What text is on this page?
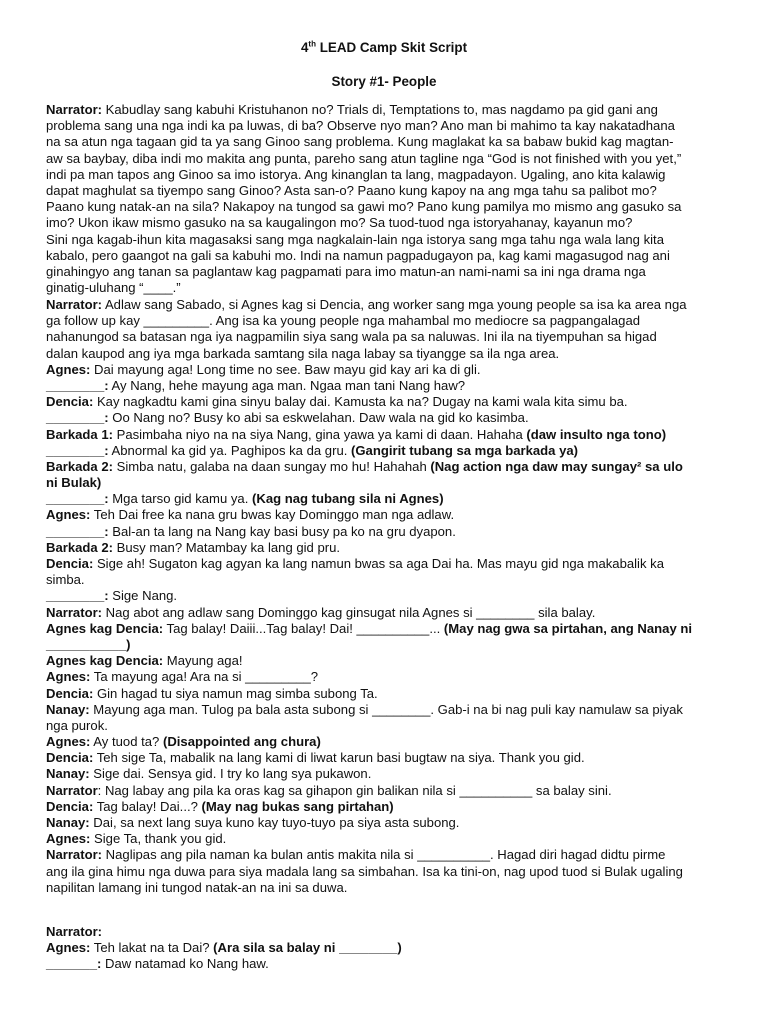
4th LEAD Camp Skit Script
Story #1- People
Narrator: Kabudlay sang kabuhi Kristuhanon no? Trials di, Temptations to, mas nagdamo pa gid gani ang
problema sang una nga indi ka pa luwas, di ba? Observe nyo man? Ano man bi mahimo ta kay nakatadhana
na sa atun nga tagaan gid ta ya sang Ginoo sang problema. Kung maglakat ka sa babaw bukid kag magtan-
aw sa baybay, diba indi mo makita ang punta, pareho sang atun tagline nga “God is not finished with you yet,”
indi pa man tapos ang Ginoo sa imo istorya. Ang kinanglan ta lang, magpadayon. Ugaling, ano kita kalawig
dapat maghulat sa tiyempo sang Ginoo? Asta san-o? Paano kung kapoy na ang mga tahu sa palibot mo?
Paano kung natak-an na sila? Nakapoy na tungod sa gawi mo? Pano kung pamilya mo mismo ang gasuko sa
imo? Ukon ikaw mismo gasuko na sa kaugalingon mo? Sa tuod-tuod nga istoryahanay, kayanun mo?
Sini nga kagab-ihun kita magasaksi sang mga nagkalain-lain nga istorya sang mga tahu nga wala lang kita
kabalo, pero gaangot na gali sa kabuhi mo. Indi na namun pagpadugayon pa, kag kami magasugod nag ani
ginahingyo ang tanan sa paglantaw kag pagpamati para imo matun-an nami-nami sa ini nga drama nga
ginatig-uluhang “____.”
Narrator: Adlaw sang Sabado, si Agnes kag si Dencia, ang worker sang mga young people sa isa ka area nga
ga follow up kay _________. Ang isa ka young people nga mahambal mo mediocre sa pagpangalagad
nahanungod sa batasan nga iya nagpamilin siya sang wala pa sa naluwas. Ini ila na tiyempuhan sa higad
dalan kaupod ang iya mga barkada samtang sila naga labay sa tiyangge sa ila nga area.
Agnes: Dai mayung aga! Long time no see. Baw mayu gid kay ari ka di gli.
________: Ay Nang, hehe mayung aga man. Ngaa man tani Nang haw?
Dencia: Kay nagkadtu kami gina sinyu balay dai. Kamusta ka na? Dugay na kami wala kita simu ba.
________: Oo Nang no? Busy ko abi sa eskwelahan. Daw wala na gid ko kasimba.
Barkada 1: Pasimbaha niyo na na siya Nang, gina yawa ya kami di daan. Hahaha (daw insulto nga tono)
________: Abnormal ka gid ya. Paghipos ka da gru. (Gangirit tubang sa mga barkada ya)
Barkada 2: Simba natu, galaba na daan sungay mo hu! Hahahah (Nag action nga daw may sungay² sa ulo
ni Bulak)
________: Mga tarso gid kamu ya. (Kag nag tubang sila ni Agnes)
Agnes: Teh Dai free ka nana gru bwas kay Dominggo man nga adlaw.
________: Bal-an ta lang na Nang kay basi busy pa ko na gru dyapon.
Barkada 2: Busy man? Matambay ka lang gid pru.
Dencia: Sige ah! Sugaton kag agyan ka lang namun bwas sa aga Dai ha. Mas mayu gid nga makabalik ka
simba.
________: Sige Nang.
Narrator: Nag abot ang adlaw sang Dominggo kag ginsugat nila Agnes si ________ sila balay.
Agnes kag Dencia: Tag balay! Daiii...Tag balay! Dai! __________... (May nag gwa sa pirtahan, ang Nanay ni
___________)
Agnes kag Dencia: Mayung aga!
Agnes: Ta mayung aga! Ara na si _________?
Dencia: Gin hagad tu siya namun mag simba subong Ta.
Nanay: Mayung aga man. Tulog pa bala asta subong si ________. Gab-i na bi nag puli kay namulaw sa piyak
nga purok.
Agnes: Ay tuod ta? (Disappointed ang chura)
Dencia: Teh sige Ta, mabalik na lang kami di liwat karun basi bugtaw na siya. Thank you gid.
Nanay: Sige dai. Sensya gid. I try ko lang sya pukawon.
Narrator: Nag labay ang pila ka oras kag sa gihapon gin balikan nila si __________ sa balay sini.
Dencia: Tag balay! Dai...? (May nag bukas sang pirtahan)
Nanay: Dai, sa next lang suya kuno kay tuyo-tuyo pa siya asta subong.
Agnes: Sige Ta, thank you gid.
Narrator: Naglipas ang pila naman ka bulan antis makita nila si __________. Hagad diri hagad didtu pirme
ang ila gina himu nga duwa para siya madala lang sa simbahan. Isa ka tini-on, nag upod tuod si Bulak ugaling
napilitan lamang ini tungod natak-an na ini sa duwa.
Narrator:
Agnes: Teh lakat na ta Dai? (Ara sila sa balay ni ________)
_______: Daw natamad ko Nang haw.
